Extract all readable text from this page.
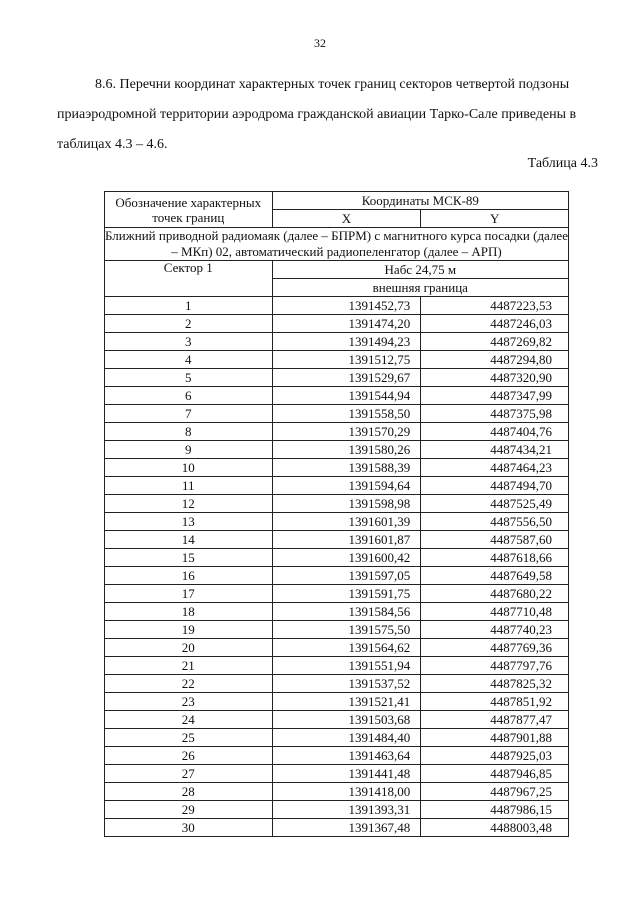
32
8.6. Перечни координат характерных точек границ секторов четвертой подзоны приаэродромной территории аэродрома гражданской авиации Тарко-Сале приведены в таблицах 4.3 – 4.6.
Таблица 4.3
Обозначение характерных точек границ	Координаты МСК-89	
	X	Y
Ближний приводной радиомаяк (далее – БПРМ) с магнитного курса посадки (далее – МКп) 02, автоматический радиопеленгатор (далее – АРП)		
Сектор 1	Набс 24,75 м	
	внешняя граница	
1	1391452,73	4487223,53
2	1391474,20	4487246,03
3	1391494,23	4487269,82
4	1391512,75	4487294,80
5	1391529,67	4487320,90
6	1391544,94	4487347,99
7	1391558,50	4487375,98
8	1391570,29	4487404,76
9	1391580,26	4487434,21
10	1391588,39	4487464,23
11	1391594,64	4487494,70
12	1391598,98	4487525,49
13	1391601,39	4487556,50
14	1391601,87	4487587,60
15	1391600,42	4487618,66
16	1391597,05	4487649,58
17	1391591,75	4487680,22
18	1391584,56	4487710,48
19	1391575,50	4487740,23
20	1391564,62	4487769,36
21	1391551,94	4487797,76
22	1391537,52	4487825,32
23	1391521,41	4487851,92
24	1391503,68	4487877,47
25	1391484,40	4487901,88
26	1391463,64	4487925,03
27	1391441,48	4487946,85
28	1391418,00	4487967,25
29	1391393,31	4487986,15
30	1391367,48	4488003,48
